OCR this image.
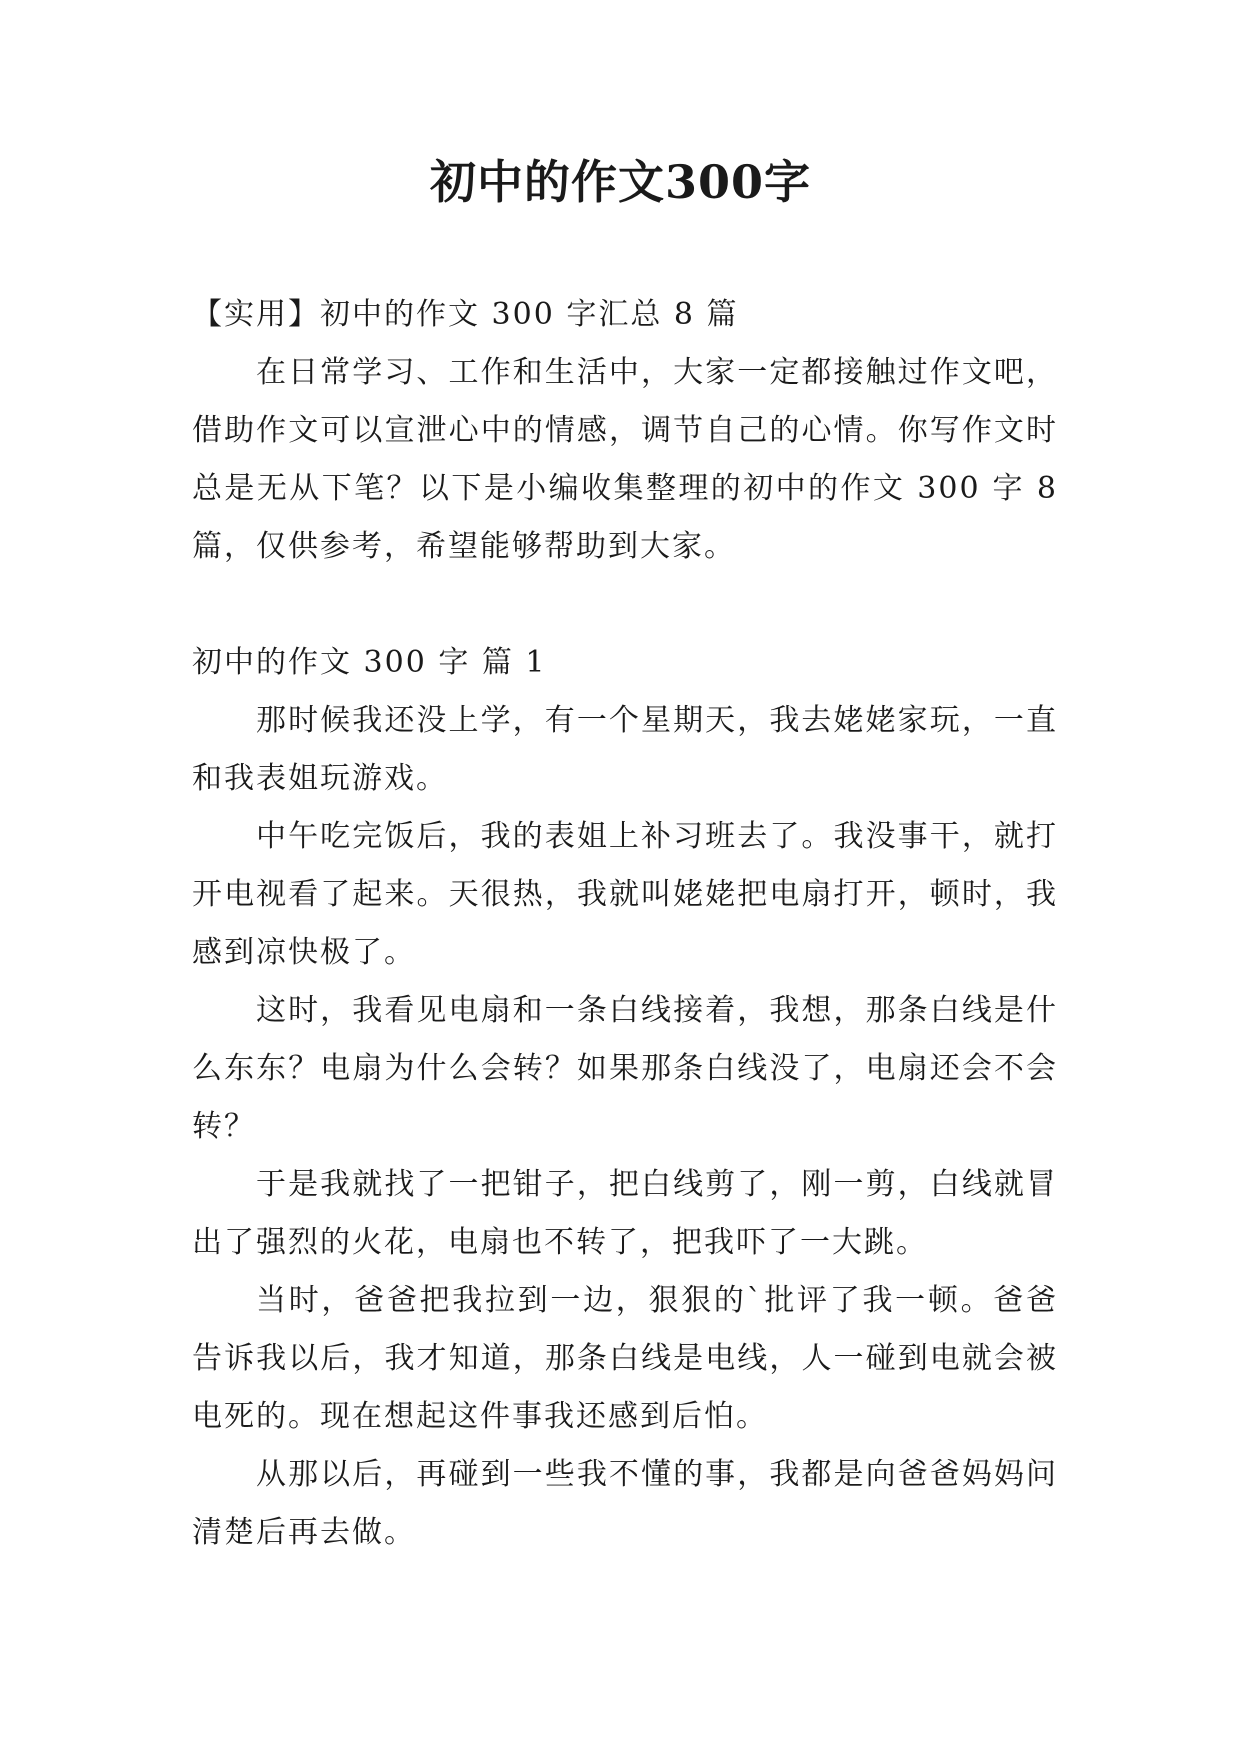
初中的作文300字

【实用】初中的作文 300 字汇总 8 篇

在日常学习、工作和生活中，大家一定都接触过作文吧，借助作文可以宣泄心中的情感，调节自己的心情。你写作文时总是无从下笔？以下是小编收集整理的初中的作文 300 字 8 篇，仅供参考，希望能够帮助到大家。

初中的作文 300 字 篇 1

那时候我还没上学，有一个星期天，我去姥姥家玩，一直和我表姐玩游戏。

中午吃完饭后，我的表姐上补习班去了。我没事干，就打开电视看了起来。天很热，我就叫姥姥把电扇打开，顿时，我感到凉快极了。

这时，我看见电扇和一条白线接着，我想，那条白线是什么东东？电扇为什么会转？如果那条白线没了，电扇还会不会转？

于是我就找了一把钳子，把白线剪了，刚一剪，白线就冒出了强烈的火花，电扇也不转了，把我吓了一大跳。

当时，爸爸把我拉到一边，狠狠的`批评了我一顿。爸爸告诉我以后，我才知道，那条白线是电线，人一碰到电就会被电死的。现在想起这件事我还感到后怕。

从那以后，再碰到一些我不懂的事，我都是向爸爸妈妈问清楚后再去做。
